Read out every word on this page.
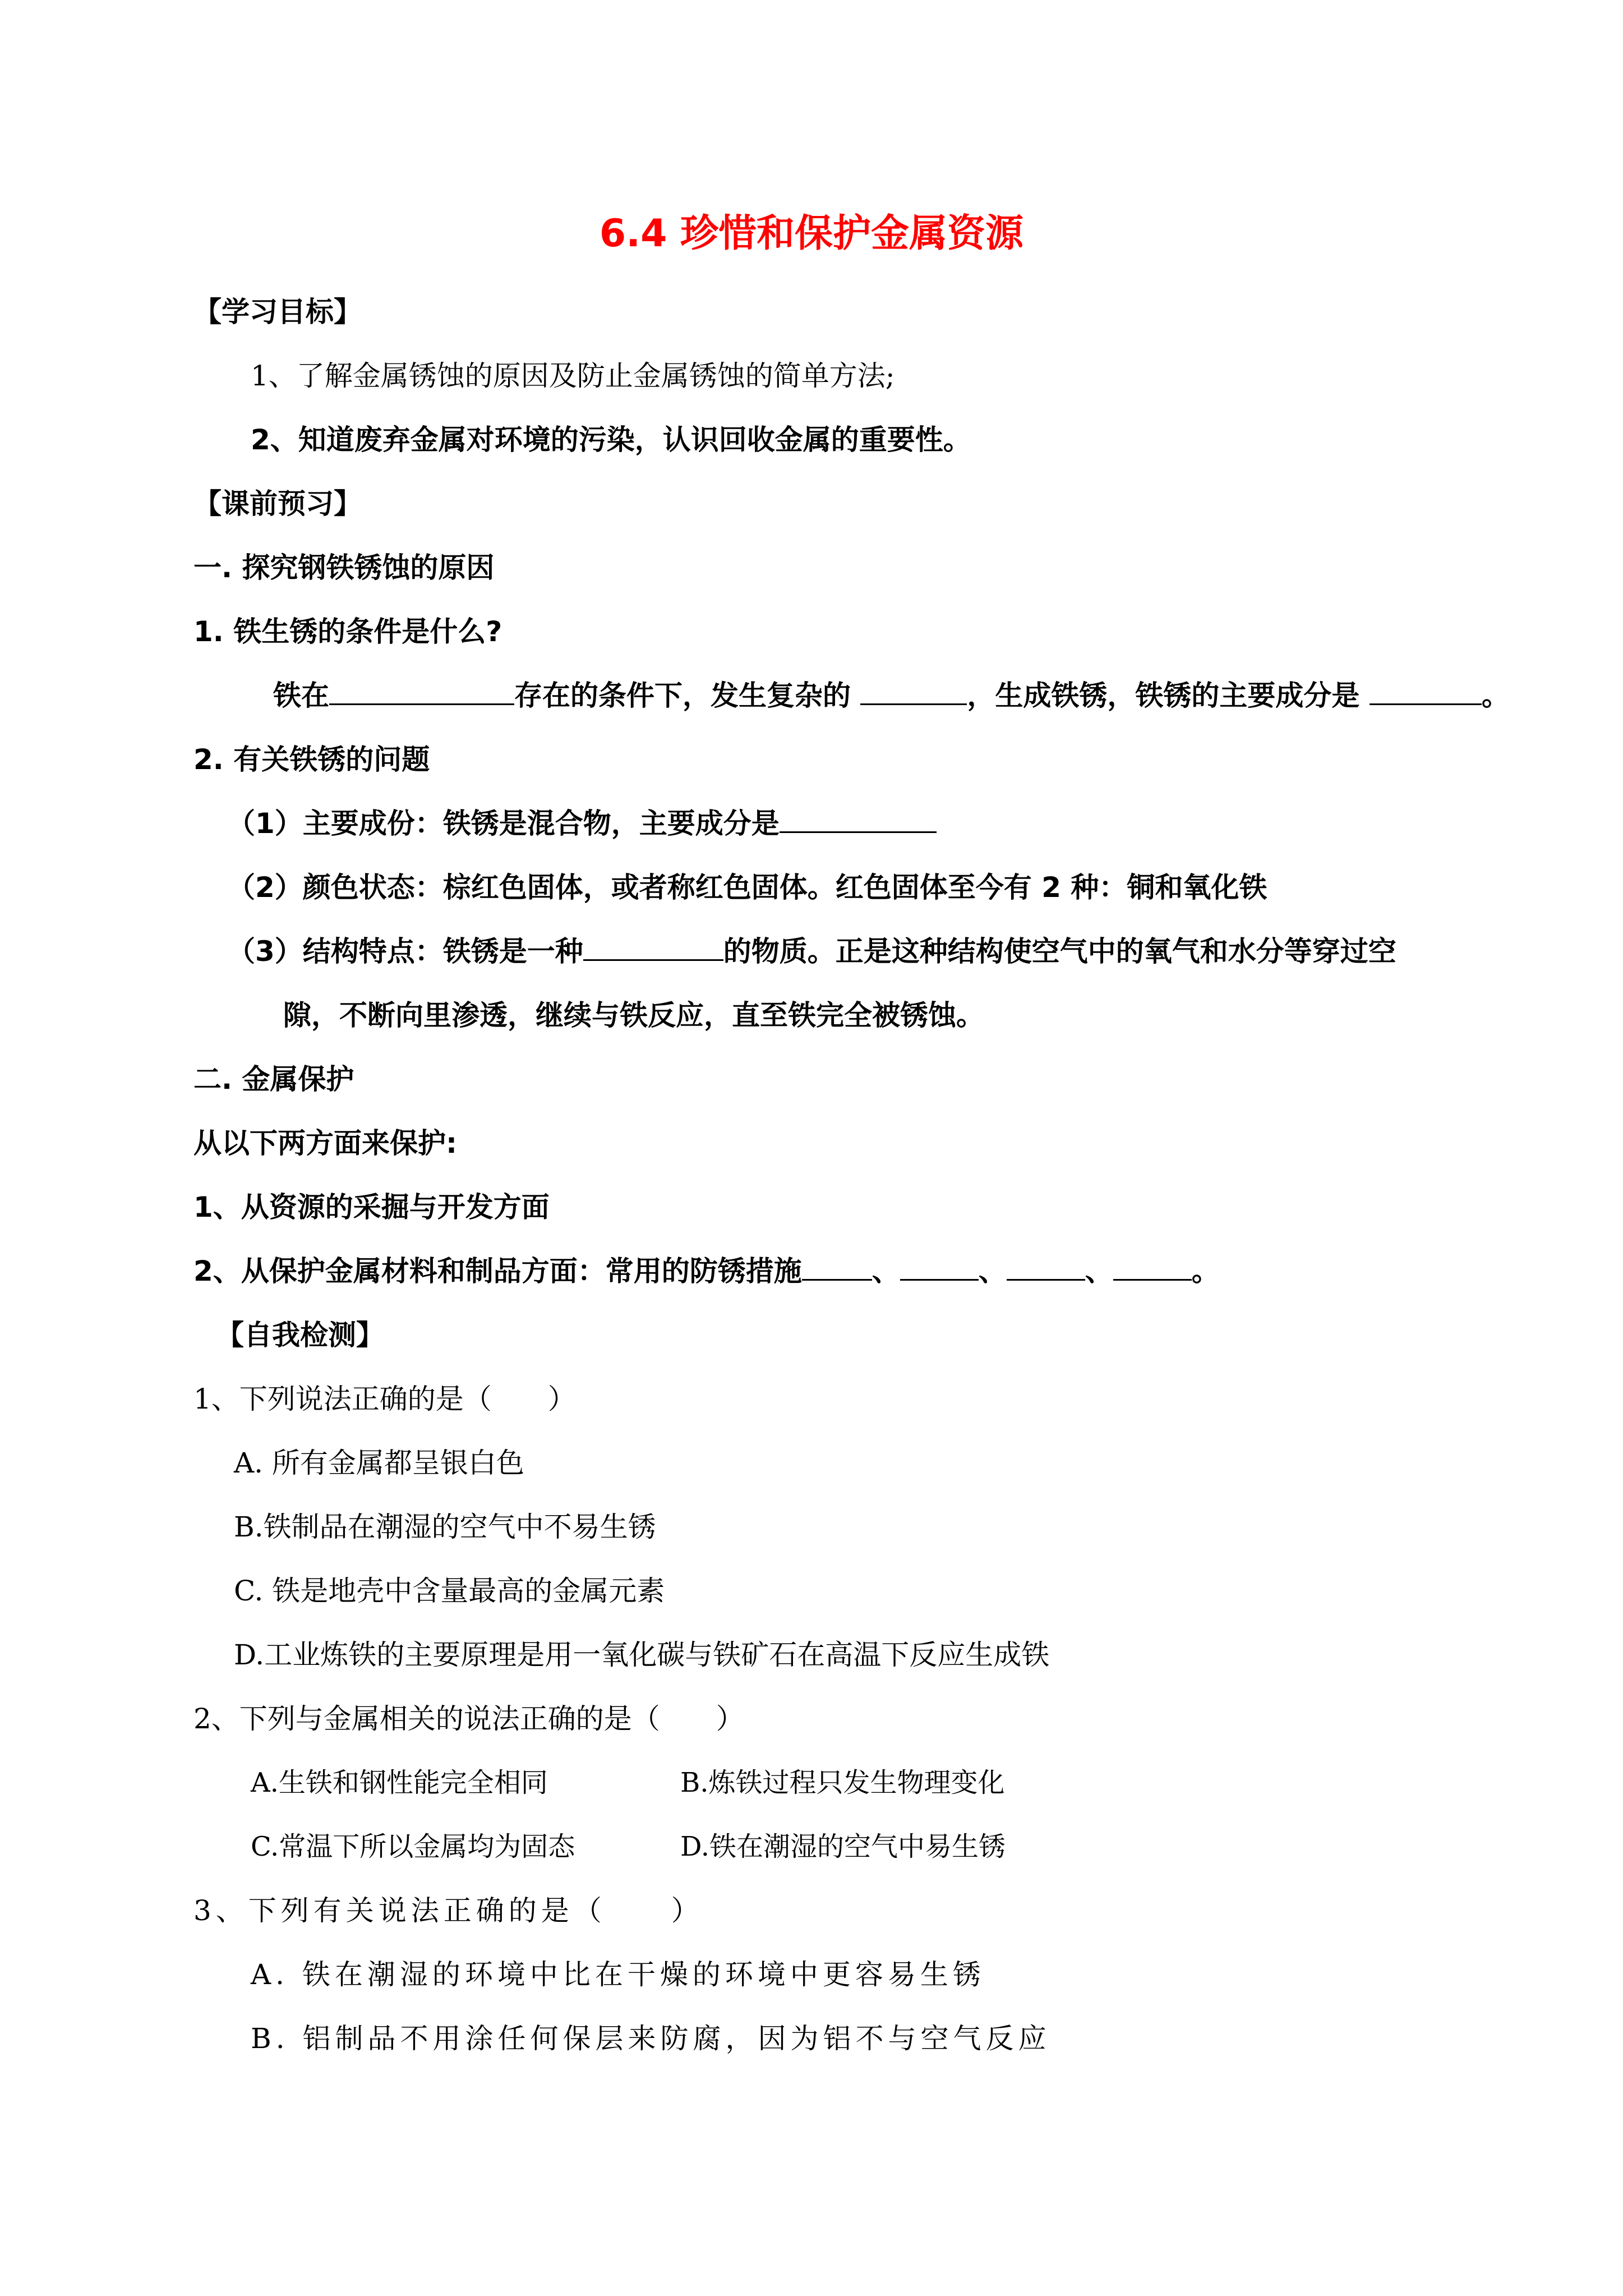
6.4 珍惜和保护金属资源
【学习目标】
1、了解金属锈蚀的原因及防止金属锈蚀的简单方法;
2、知道废弃金属对环境的污染，认识回收金属的重要性。
【课前预习】
一. 探究钢铁锈蚀的原因
1. 铁生锈的条件是什么?
铁在	存在的条件下，发生复杂的	，生成铁锈，铁锈的主要成分是	。
2. 有关铁锈的问题
（1）主要成份：铁锈是混合物，主要成分是
（2）颜色状态：棕红色固体，或者称红色固体。红色固体至今有 2 种：铜和氧化铁
（3）结构特点：铁锈是一种	的物质。正是这种结构使空气中的氧气和水分等穿过空
隙，不断向里渗透，继续与铁反应，直至铁完全被锈蚀。
二. 金属保护
从以下两方面来保护:
1、从资源的采掘与开发方面
2、从保护金属材料和制品方面：常用的防锈措施	、	、	、	。
【自我检测】
1、下列说法正确的是（　　）
A. 所有金属都呈银白色
B.铁制品在潮湿的空气中不易生锈
C. 铁是地壳中含量最高的金属元素
D.工业炼铁的主要原理是用一氧化碳与铁矿石在高温下反应生成铁
2、下列与金属相关的说法正确的是（　　）
A.生铁和钢性能完全相同	B.炼铁过程只发生物理变化
C.常温下所以金属均为固态	D.铁在潮湿的空气中易生锈
3、下列有关说法正确的是（　　）
A. 铁在潮湿的环境中比在干燥的环境中更容易生锈
B. 铝制品不用涂任何保层来防腐，因为铝不与空气反应
